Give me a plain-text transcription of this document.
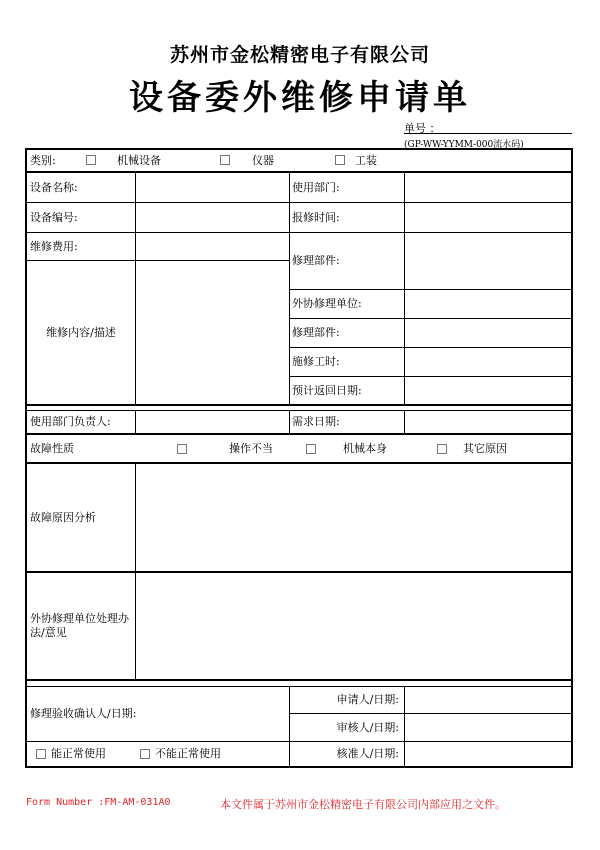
苏州市金松精密电子有限公司
设备委外维修申请单
单号 ：
(GP-WW-YYMM-000流水码)
类别:	机械设备	仪器	工装
设备名称:	使用部门:
设备编号:	报修时间:
维修费用:
修理部件:
维修内容/描述
外协修理单位:
修理部件:
施修工时:
预计返回日期:
使用部门负责人:	需求日期:
故障性质	操作不当	机械本身	其它原因
故障原因分析
外协修理单位处理办法/意见
修理验收确认人/日期:
申请人/日期:
审核人/日期:
能正常使用	不能正常使用	核准人/日期:
Form Number :FM-AM-031A0	本文件属于苏州市金松精密电子有限公司内部应用之文件。
